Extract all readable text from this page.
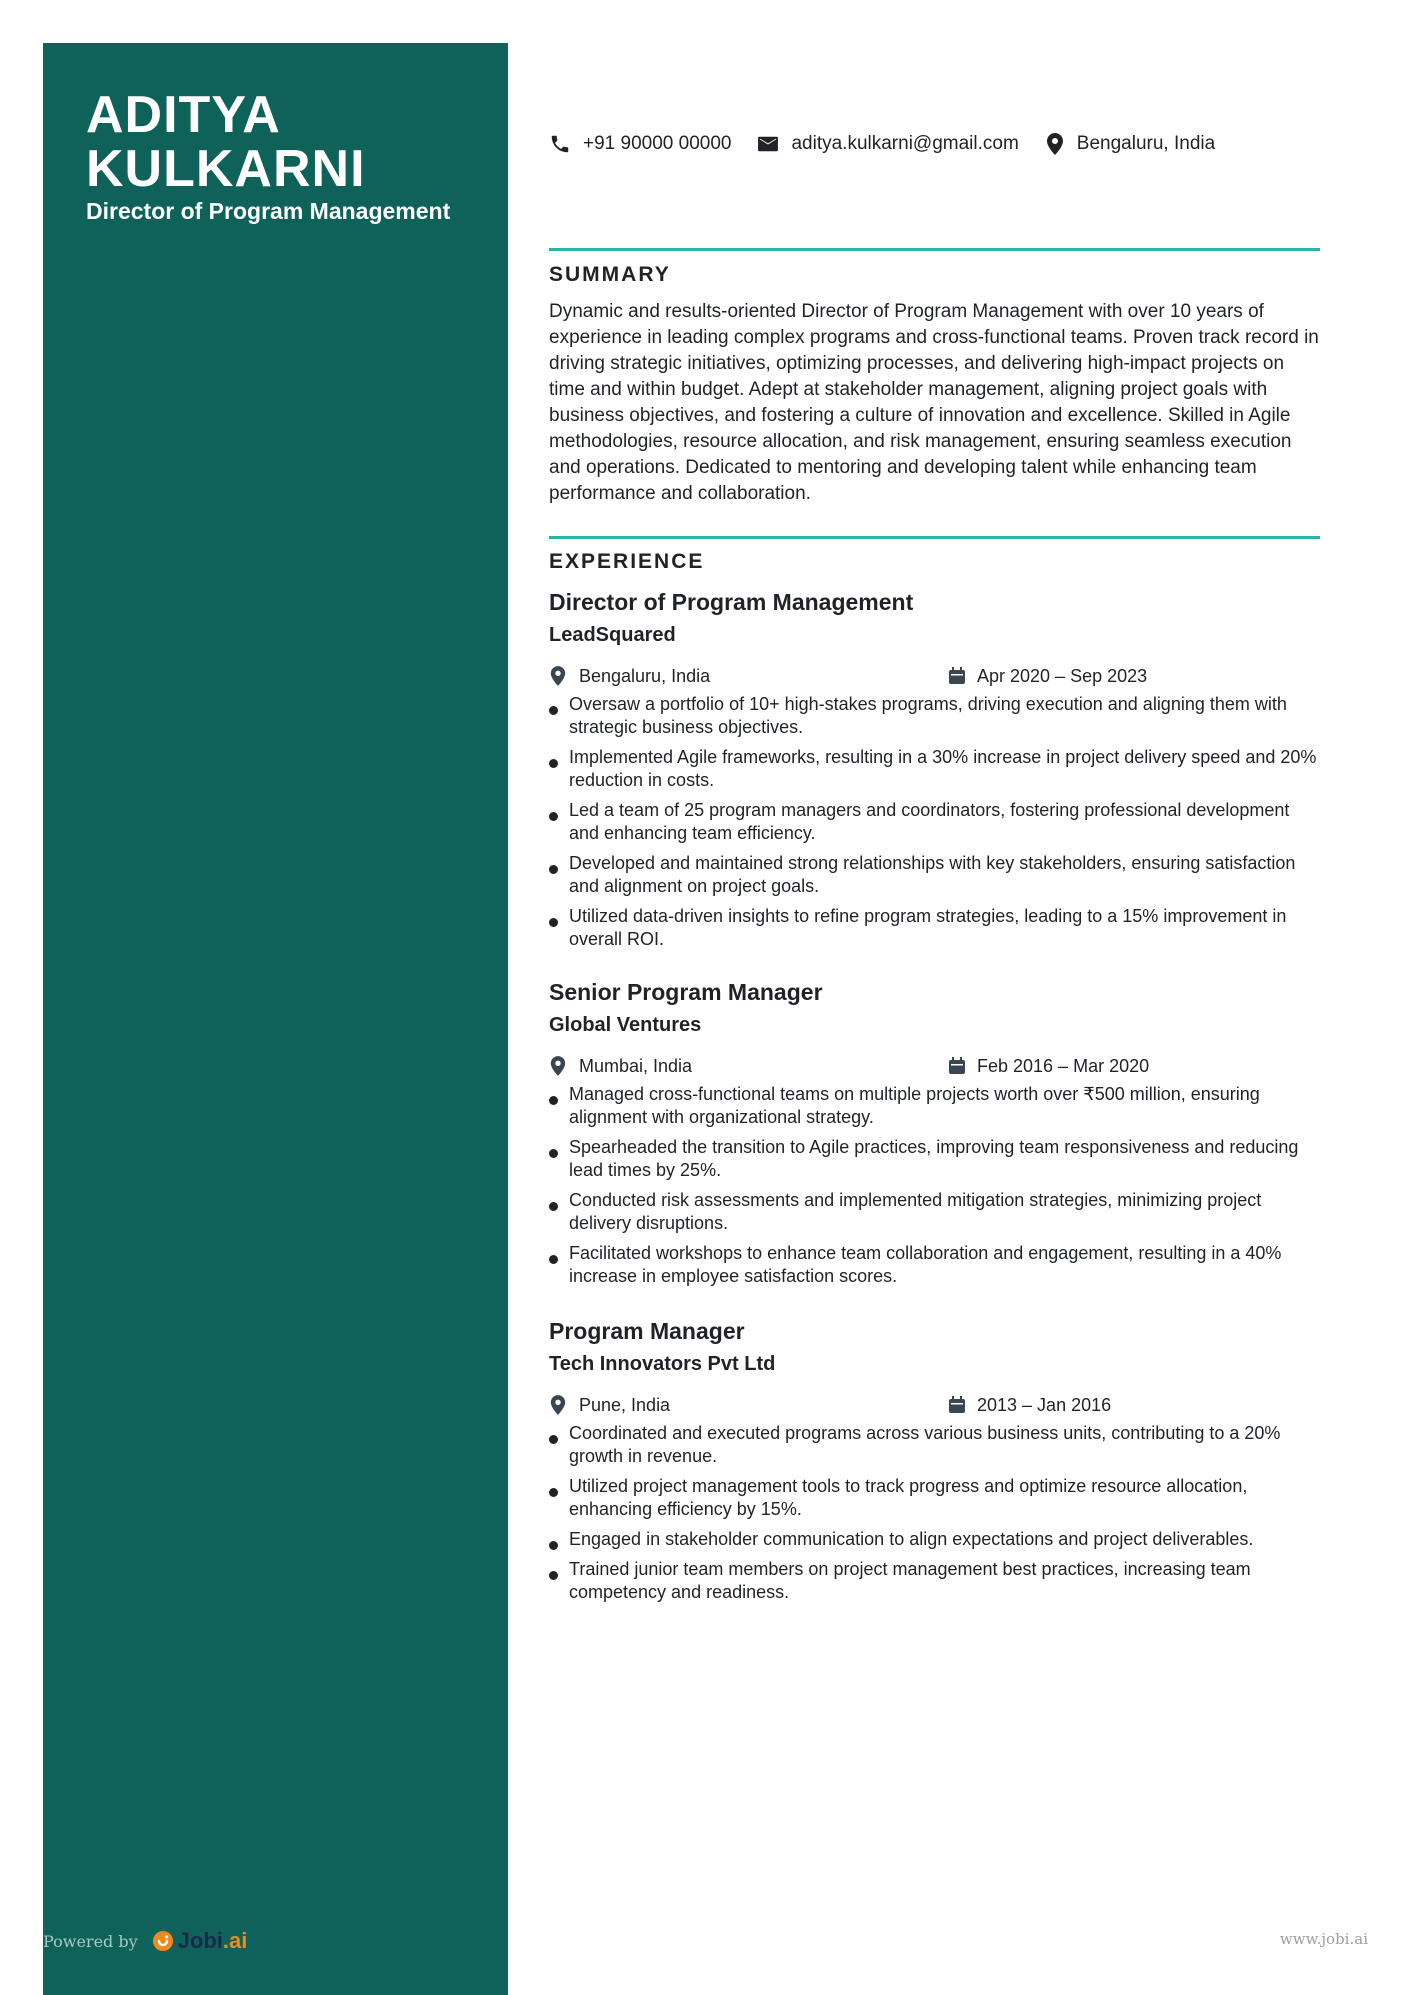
ADITYA
KULKARNI
Director of Program Management
+91 90000 00000	aditya.kulkarni@gmail.com	Bengaluru, India
SUMMARY
Dynamic and results-oriented Director of Program Management with over 10 years of experience in leading complex programs and cross-functional teams. Proven track record in driving strategic initiatives, optimizing processes, and delivering high-impact projects on time and within budget. Adept at stakeholder management, aligning project goals with business objectives, and fostering a culture of innovation and excellence. Skilled in Agile methodologies, resource allocation, and risk management, ensuring seamless execution and operations. Dedicated to mentoring and developing talent while enhancing team performance and collaboration.
EXPERIENCE
Director of Program Management
LeadSquared
Bengaluru, India	Apr 2020 – Sep 2023
Oversaw a portfolio of 10+ high-stakes programs, driving execution and aligning them with strategic business objectives.
Implemented Agile frameworks, resulting in a 30% increase in project delivery speed and 20% reduction in costs.
Led a team of 25 program managers and coordinators, fostering professional development and enhancing team efficiency.
Developed and maintained strong relationships with key stakeholders, ensuring satisfaction and alignment on project goals.
Utilized data-driven insights to refine program strategies, leading to a 15% improvement in overall ROI.
Senior Program Manager
Global Ventures
Mumbai, India	Feb 2016 – Mar 2020
Managed cross-functional teams on multiple projects worth over ₹500 million, ensuring alignment with organizational strategy.
Spearheaded the transition to Agile practices, improving team responsiveness and reducing lead times by 25%.
Conducted risk assessments and implemented mitigation strategies, minimizing project delivery disruptions.
Facilitated workshops to enhance team collaboration and engagement, resulting in a 40% increase in employee satisfaction scores.
Program Manager
Tech Innovators Pvt Ltd
Pune, India	2013 – Jan 2016
Coordinated and executed programs across various business units, contributing to a 20% growth in revenue.
Utilized project management tools to track progress and optimize resource allocation, enhancing efficiency by 15%.
Engaged in stakeholder communication to align expectations and project deliverables.
Trained junior team members on project management best practices, increasing team competency and readiness.
Powered by Jobi .ai	www.jobi.ai
